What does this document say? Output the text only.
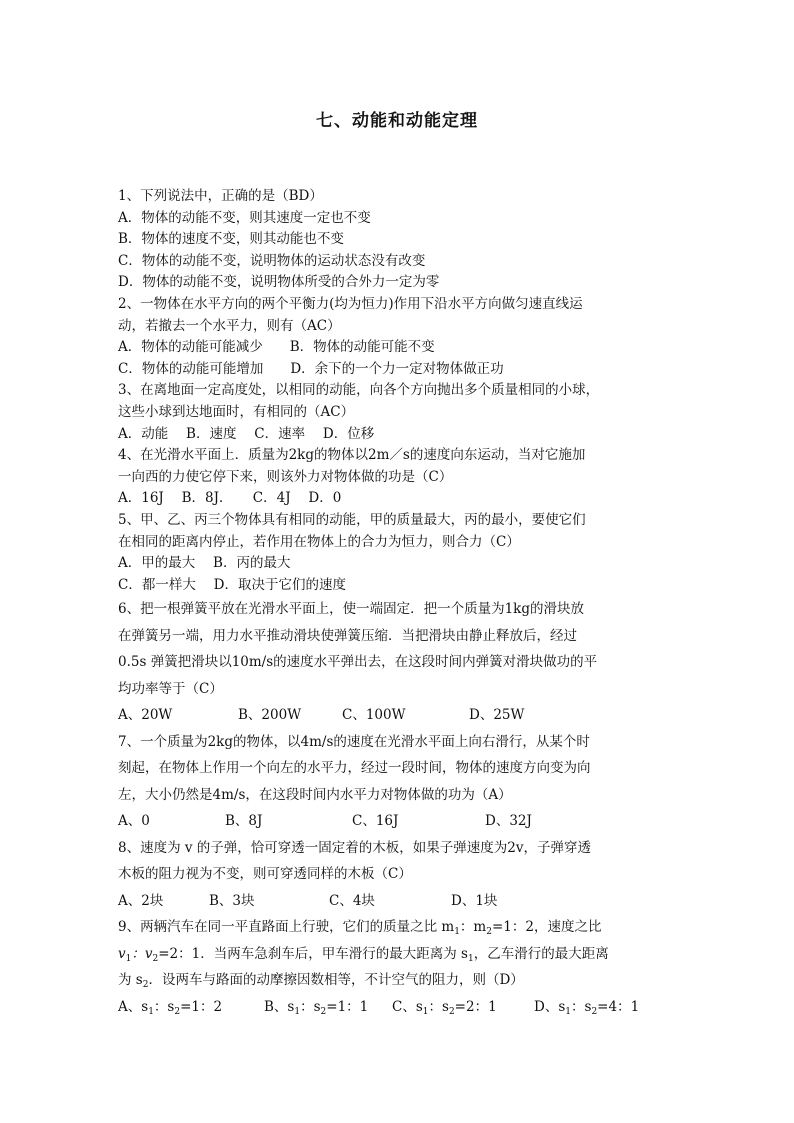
七、动能和动能定理
1、下列说法中，正确的是（BD）
A．物体的动能不变，则其速度一定也不变
B．物体的速度不变，则其动能也不变
C．物体的动能不变，说明物体的运动状态没有改变
D．物体的动能不变，说明物体所受的合外力一定为零
2、一物体在水平方向的两个平衡力(均为恒力)作用下沿水平方向做匀速直线运
动，若撤去一个水平力，则有（AC）
A．物体的动能可能减少　　B．物体的动能可能不变
C．物体的动能可能增加　　D．余下的一个力一定对物体做正功
3、在离地面一定高度处，以相同的动能，向各个方向抛出多个质量相同的小球，
这些小球到达地面时，有相同的（AC）
A．动能　 B．速度　 C．速率　 D．位移
4、在光滑水平面上．质量为2kg的物体以2m／s的速度向东运动，当对它施加
一向西的力使它停下来，则该外力对物体做的功是（C）
A．16J　 B．8J．　　C．4J　 D．0
5、甲、乙、丙三个物体具有相同的动能，甲的质量最大，丙的最小，要使它们
在相同的距离内停止，若作用在物体上的合力为恒力，则合力（C）
A．甲的最大　 B．丙的最大
C．都一样大　 D．取决于它们的速度
6、把一根弹簧平放在光滑水平面上，使一端固定．把一个质量为1kg的滑块放
在弹簧另一端，用力水平推动滑块使弹簧压缩．当把滑块由静止释放后，经过
0.5s 弹簧把滑块以10m/s的速度水平弹出去，在这段时间内弹簧对滑块做功的平
均功率等于（C）
A、20W	B、200W	C、100W	D、25W
7、一个质量为2kg的物体，以4m/s的速度在光滑水平面上向右滑行，从某个时
刻起，在物体上作用一个向左的水平力，经过一段时间，物体的速度方向变为向
左，大小仍然是4m/s，在这段时间内水平力对物体做的功为（A）
A、0	B、8J	C、16J	D、32J
8、速度为 v 的子弹，恰可穿透一固定着的木板，如果子弹速度为2v，子弹穿透
木板的阻力视为不变，则可穿透同样的木板（C）
A、2块	B、3块	C、4块	D、1块
9、两辆汽车在同一平直路面上行驶，它们的质量之比 $m_1$：$m_2=1$：2，速度之比
$v_1$：$v_2=2$：1．当两车急刹车后，甲车滑行的最大距离为 $s_1$，乙车滑行的最大距离
为 $s_2$．设两车与路面的动摩擦因数相等，不计空气的阻力，则（D）
A、$s_1$：$s_2=1$：2	B、$s_1$：$s_2=1$：1	C、$s_1$：$s_2=2$：1	D、$s_1$：$s_2=4$：1
